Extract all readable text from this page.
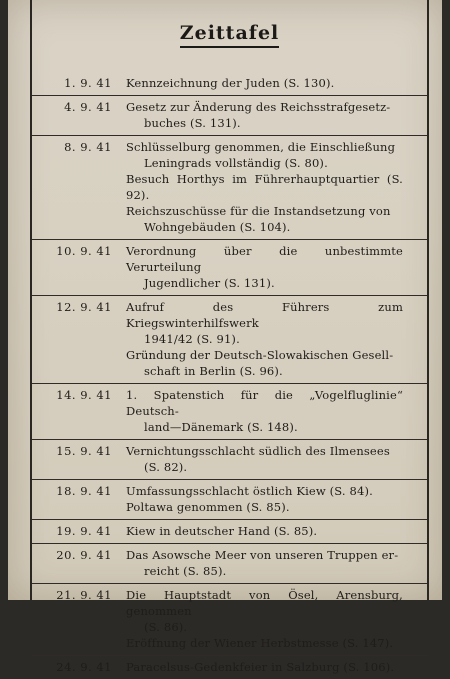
Zeittafel
1. 9. 41 Kennzeichnung der Juden (S. 130).
4. 9. 41 Gesetz zur Änderung des Reichsstrafgesetz-
buches (S. 131).
8. 9. 41 Schlüsselburg genommen, die Einschließung
Leningrads vollständig (S. 80).
Besuch Horthys im Führerhauptquartier (S. 92).
Reichszuschüsse für die Instandsetzung von
Wohngebäuden (S. 104).
10. 9. 41 Verordnung über die unbestimmte Verurteilung
Jugendlicher (S. 131).
12. 9. 41 Aufruf des Führers zum Kriegswinterhilfswerk
1941/42 (S. 91).
Gründung der Deutsch-Slowakischen Gesell-
schaft in Berlin (S. 96).
14. 9. 41 1. Spatenstich für die „Vogelfluglinie“ Deutsch-
land—Dänemark (S. 148).
15. 9. 41 Vernichtungsschlacht südlich des Ilmensees
(S. 82).
18. 9. 41 Umfassungsschlacht östlich Kiew (S. 84).
Poltawa genommen (S. 85).
19. 9. 41 Kiew in deutscher Hand (S. 85).
20. 9. 41 Das Asowsche Meer von unseren Truppen er-
reicht (S. 85).
21. 9. 41 Die Hauptstadt von Ösel, Arensburg, genommen
(S. 86).
Eröffnung der Wiener Herbstmesse (S. 147).
24. 9. 41 Paracelsus-Gedenkfeier in Salzburg (S. 106).
